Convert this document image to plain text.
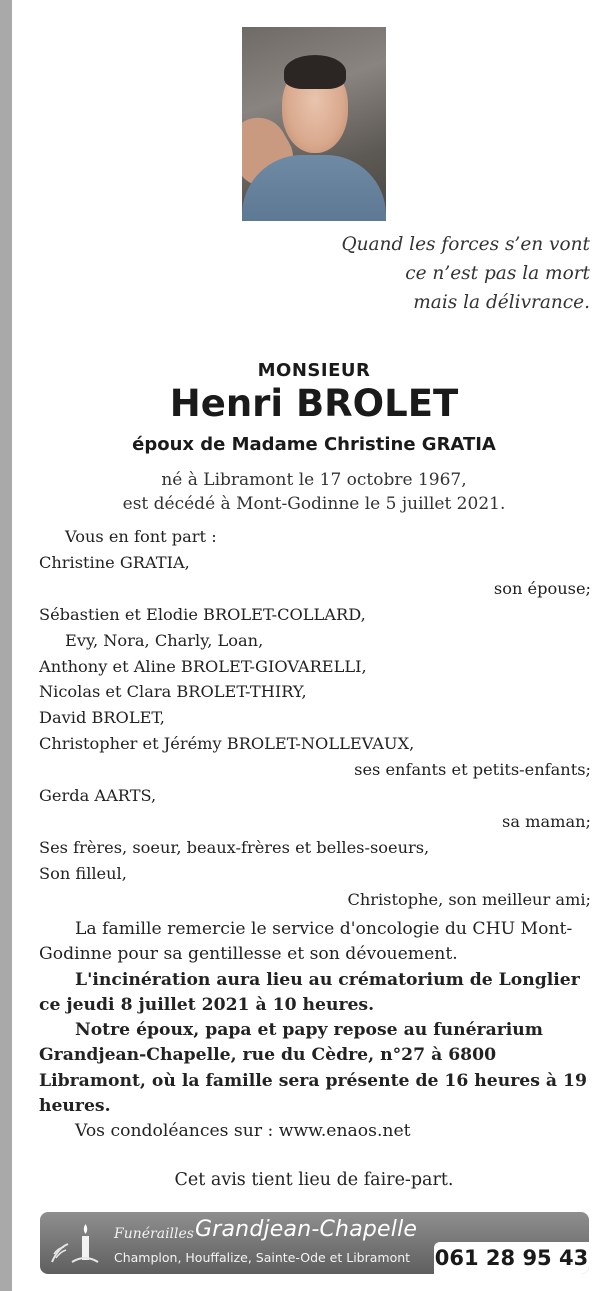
Quand les forces s’en vont
ce n’est pas la mort
mais la délivrance.
MONSIEUR
Henri BROLET
époux de Madame Christine GRATIA
né à Libramont le 17 octobre 1967,
est décédé à Mont-Godinne le 5 juillet 2021.
Vous en font part :
Christine GRATIA,
son épouse;
Sébastien et Elodie BROLET-COLLARD,
Evy, Nora, Charly, Loan,
Anthony et Aline BROLET-GIOVARELLI,
Nicolas et Clara BROLET-THIRY,
David BROLET,
Christopher et Jérémy BROLET-NOLLEVAUX,
ses enfants et petits-enfants;
Gerda AARTS,
sa maman;
Ses frères, soeur, beaux-frères et belles-soeurs,
Son filleul,
Christophe, son meilleur ami;
La famille remercie le service d'oncologie du CHU Mont-Godinne pour sa gentillesse et son dévouement.
L'incinération aura lieu au crématorium de Longlier ce jeudi 8 juillet 2021 à 10 heures.
Notre époux, papa et papy repose au funérarium Grandjean-Chapelle, rue du Cèdre, n°27 à 6800 Libramont, où la famille sera présente de 16 heures à 19 heures.
Vos condoléances sur : www.enaos.net
Cet avis tient lieu de faire-part.
Funérailles Grandjean-Chapelle
Champlon, Houffalize, Sainte-Ode et Libramont 061 28 95 43
